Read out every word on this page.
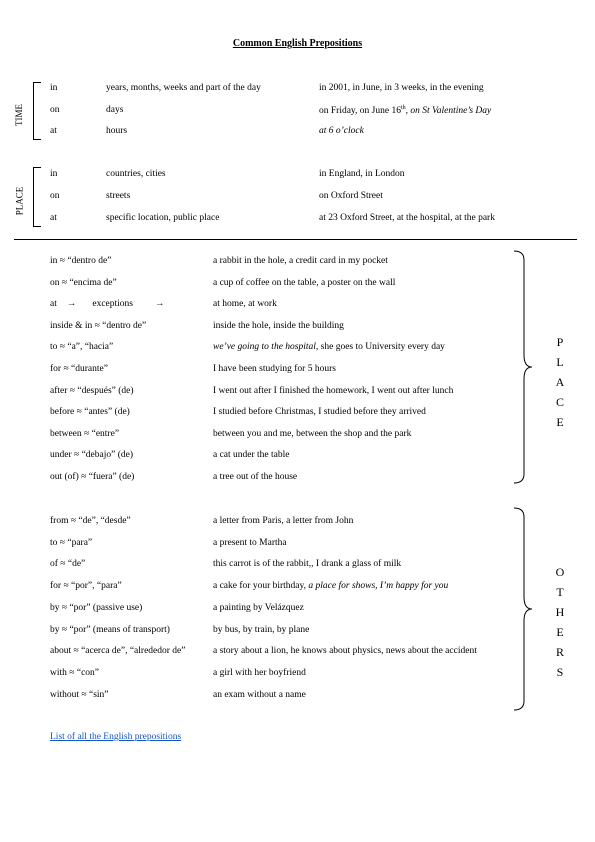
Common English Prepositions
TIME
in	years, months, weeks and part of the day	in 2001, in June, in 3 weeks, in the evening
on	days	on Friday, on June 16th, on St Valentine’s Day
at	hours	at 6 o’clock
PLACE
in	countries, cities	in England, in London
on	streets	on Oxford Street
at	specific location, public place	at 23 Oxford Street, at the hospital, at the park
in ≈ “dentro de”	a rabbit in the hole, a credit card in my pocket
on ≈ “encima de”	a cup of coffee on the table, a poster on the wall
at → exceptions →	at home, at work
inside & in ≈ “dentro de”	inside the hole, inside the building
to ≈ “a”, “hacia”	we’ve going to the hospital, she goes to University every day
for ≈ “durante”	I have been studying for 5 hours
after ≈ “después” (de)	I went out after I finished the homework, I went out after lunch
before ≈ “antes” (de)	I studied before Christmas, I studied before they arrived
between ≈ “entre”	between you and me, between the shop and the park
under ≈ “debajo” (de)	a cat under the table
out (of) ≈ “fuera” (de)	a tree out of the house
P
L
A
C
E
from ≈ “de”, “desde”	a letter from Paris, a letter from John
to ≈ “para”	a present to Martha
of ≈ “de”	this carrot is of the rabbit,, I drank a glass of milk
for ≈ “por”, “para”	a cake for your birthday, a place for shows, I’m happy for you
by ≈ “por” (passive use)	a painting by Velázquez
by ≈ “por” (means of transport)	by bus, by train, by plane
about ≈ “acerca de”, “alrededor de”	a story about a lion, he knows about physics, news about the accident
with ≈ “con”	a girl with her boyfriend
without ≈ “sin”	an exam without a name
O
T
H
E
R
S
List of all the English prepositions
